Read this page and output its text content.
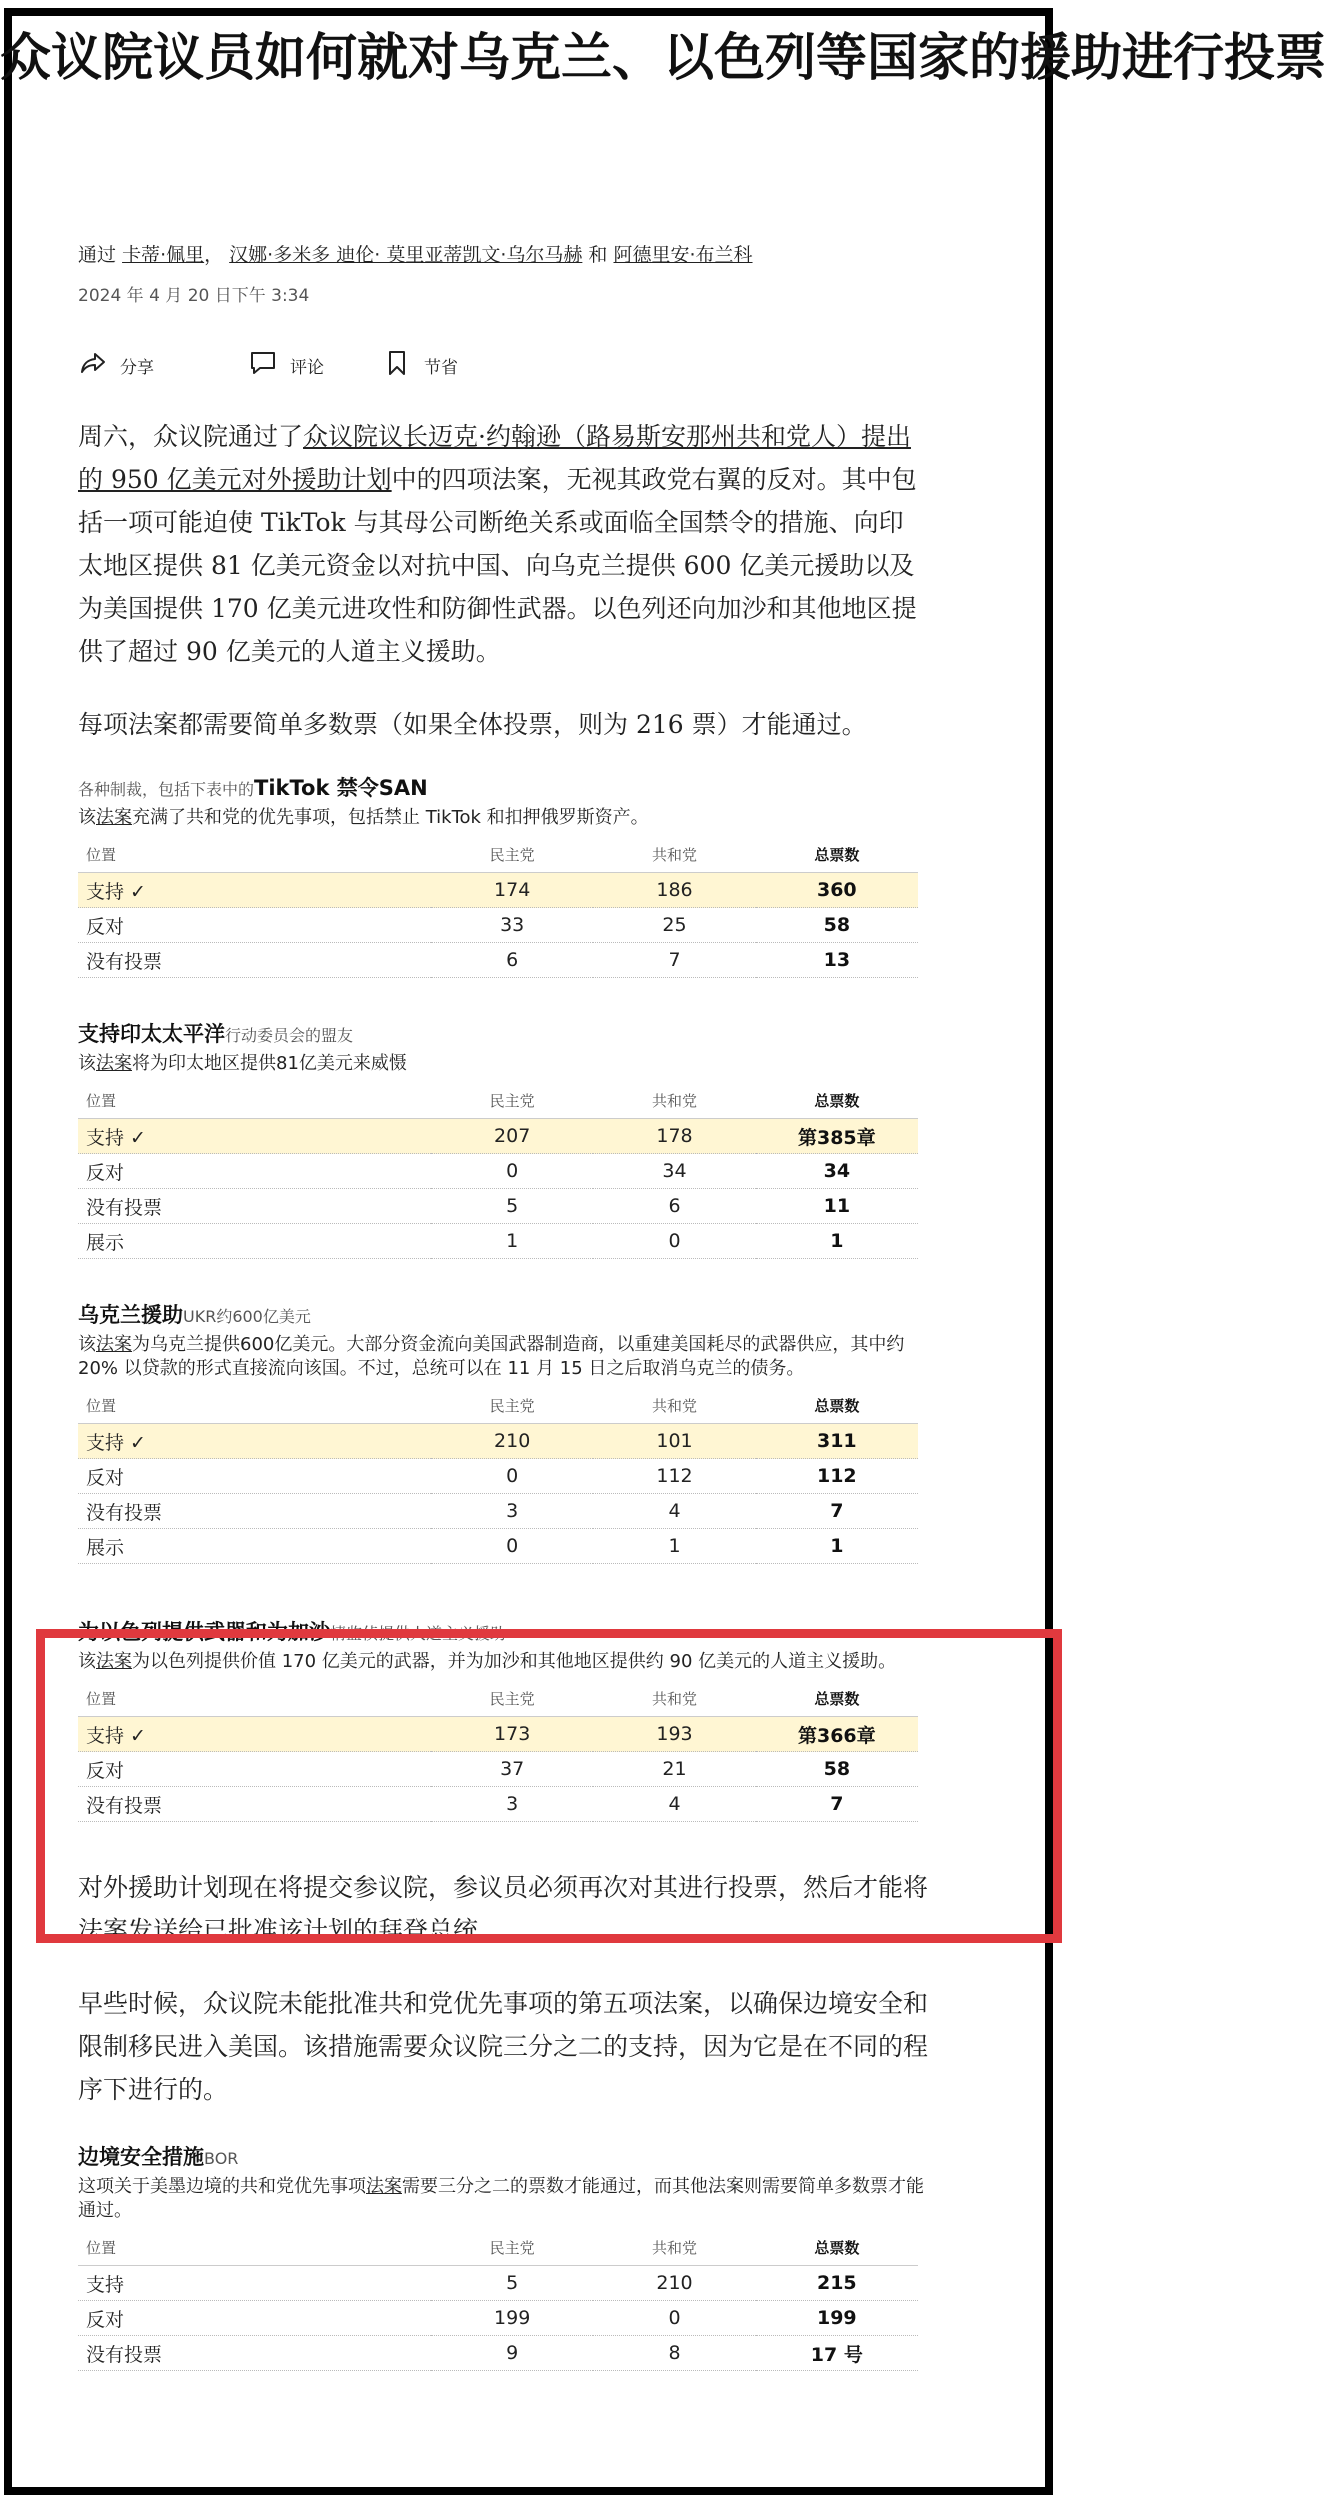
众议院议员如何就对乌克兰、以色列等国家的援助进行投票
通过 卡蒂·佩里， 汉娜·多米多 迪伦· 莫里亚蒂凯文·乌尔马赫 和 阿德里安·布兰科
2024 年 4 月 20 日下午 3:34
分享	评论	节省

周六，众议院通过了众议院议长迈克·约翰逊（路易斯安那州共和党人）提出的 950 亿美元对外援助计划中的四项法案，无视其政党右翼的反对。其中包括一项可能迫使 TikTok 与其母公司断绝关系或面临全国禁令的措施、向印太地区提供 81 亿美元资金以对抗中国、向乌克兰提供 600 亿美元援助以及为美国提供 170 亿美元进攻性和防御性武器。以色列还向加沙和其他地区提供了超过 90 亿美元的人道主义援助。

每项法案都需要简单多数票（如果全体投票，则为 216 票）才能通过。

各种制裁，包括下表中的TikTok 禁令SAN
该法案充满了共和党的优先事项，包括禁止 TikTok 和扣押俄罗斯资产。
位置	民主党	共和党	总票数
支持 ✓	174	186	360
反对	33	25	58
没有投票	6	7	13
支持印太太平洋行动委员会的盟友
该法案将为印太地区提供81亿美元来威慑
位置	民主党	共和党	总票数
支持 ✓	207	178	第385章
反对	0	34	34
没有投票	5	6	11
展示	1	0	1
乌克兰援助UKR约600亿美元
该法案为乌克兰提供600亿美元。大部分资金流向美国武器制造商，以重建美国耗尽的武器供应，其中约 20% 以贷款的形式直接流向该国。不过，总统可以在 11 月 15 日之后取消乌克兰的债务。
位置	民主党	共和党	总票数
支持 ✓	210	101	311
反对	0	112	112
没有投票	3	4	7
展示	0	1	1
为以色列提供武器和为加沙情监侦提供人道主义援助
该法案为以色列提供价值 170 亿美元的武器，并为加沙和其他地区提供约 90 亿美元的人道主义援助。
位置	民主党	共和党	总票数
支持 ✓	173	193	第366章
反对	37	21	58
没有投票	3	4	7

对外援助计划现在将提交参议院，参议员必须再次对其进行投票，然后才能将法案发送给已批准该计划的拜登总统。

早些时候，众议院未能批准共和党优先事项的第五项法案，以确保边境安全和限制移民进入美国。该措施需要众议院三分之二的支持，因为它是在不同的程序下进行的。

边境安全措施BOR
这项关于美墨边境的共和党优先事项法案需要三分之二的票数才能通过，而其他法案则需要简单多数票才能通过。
位置	民主党	共和党	总票数
支持	5	210	215
反对	199	0	199
没有投票	9	8	17 号
